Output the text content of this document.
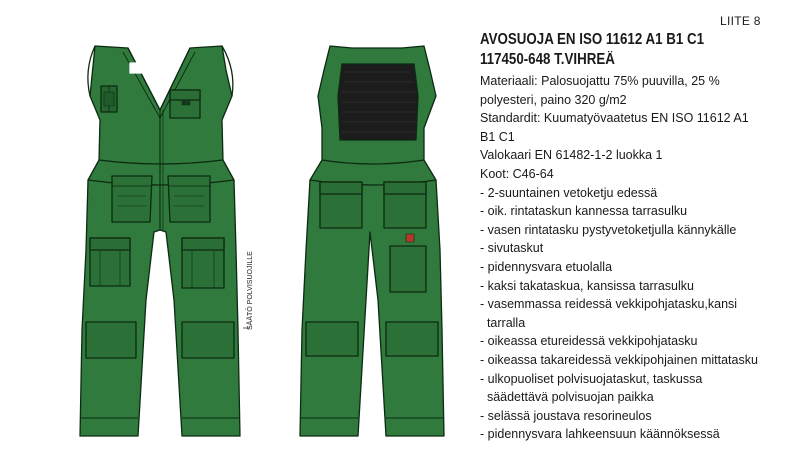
SÄÄTÖ POLVISUOJILLE
LIITE 8
AVOSUOJA EN ISO 11612 A1 B1 C1
117450-648 T.VIHREÄ
Materiaali: Palosuojattu 75% puuvilla, 25 %
polyesteri, paino 320 g/m2
Standardit: Kuumatyövaatetus EN ISO 11612 A1
B1 C1
Valokaari EN 61482-1-2 luokka 1
Koot: C46-64
- 2-suuntainen vetoketju edessä
- oik. rintataskun kannessa tarrasulku
- vasen rintatasku pystyvetoketjulla kännykälle
- sivutaskut
- pidennysvara etuolalla
- kaksi takataskua, kansissa tarrasulku
- vasemmassa reidessä vekkipohjatasku,kansi
tarralla
- oikeassa etureidessä vekkipohjatasku
- oikeassa takareidessä vekkipohjainen mittatasku
- ulkopuoliset polvisuojataskut, taskussa
säädettävä polvisuojan paikka
- selässä joustava resorineulos
- pidennysvara lahkeensuun käännöksessä
